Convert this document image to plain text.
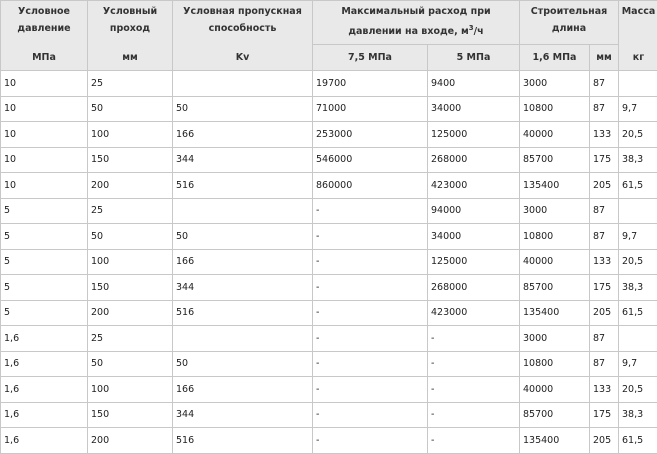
Условное давление	Условный проход	Условная пропускная способность	Максимальный расход при давлении на входе, $м^3/ч$		Строительная длина		Масса
МПа	мм	Kv	7,5 МПа	5 МПа	1,6 МПа	мм	кг
10	25		19700	9400	3000	87	
10	50	50	71000	34000	10800	87	9,7
10	100	166	253000	125000	40000	133	20,5
10	150	344	546000	268000	85700	175	38,3
10	200	516	860000	423000	135400	205	61,5
5	25		-	94000	3000	87	
5	50	50	-	34000	10800	87	9,7
5	100	166	-	125000	40000	133	20,5
5	150	344	-	268000	85700	175	38,3
5	200	516	-	423000	135400	205	61,5
1,6	25		-	-	3000	87	
1,6	50	50	-	-	10800	87	9,7
1,6	100	166	-	-	40000	133	20,5
1,6	150	344	-	-	85700	175	38,3
1,6	200	516	-	-	135400	205	61,5
